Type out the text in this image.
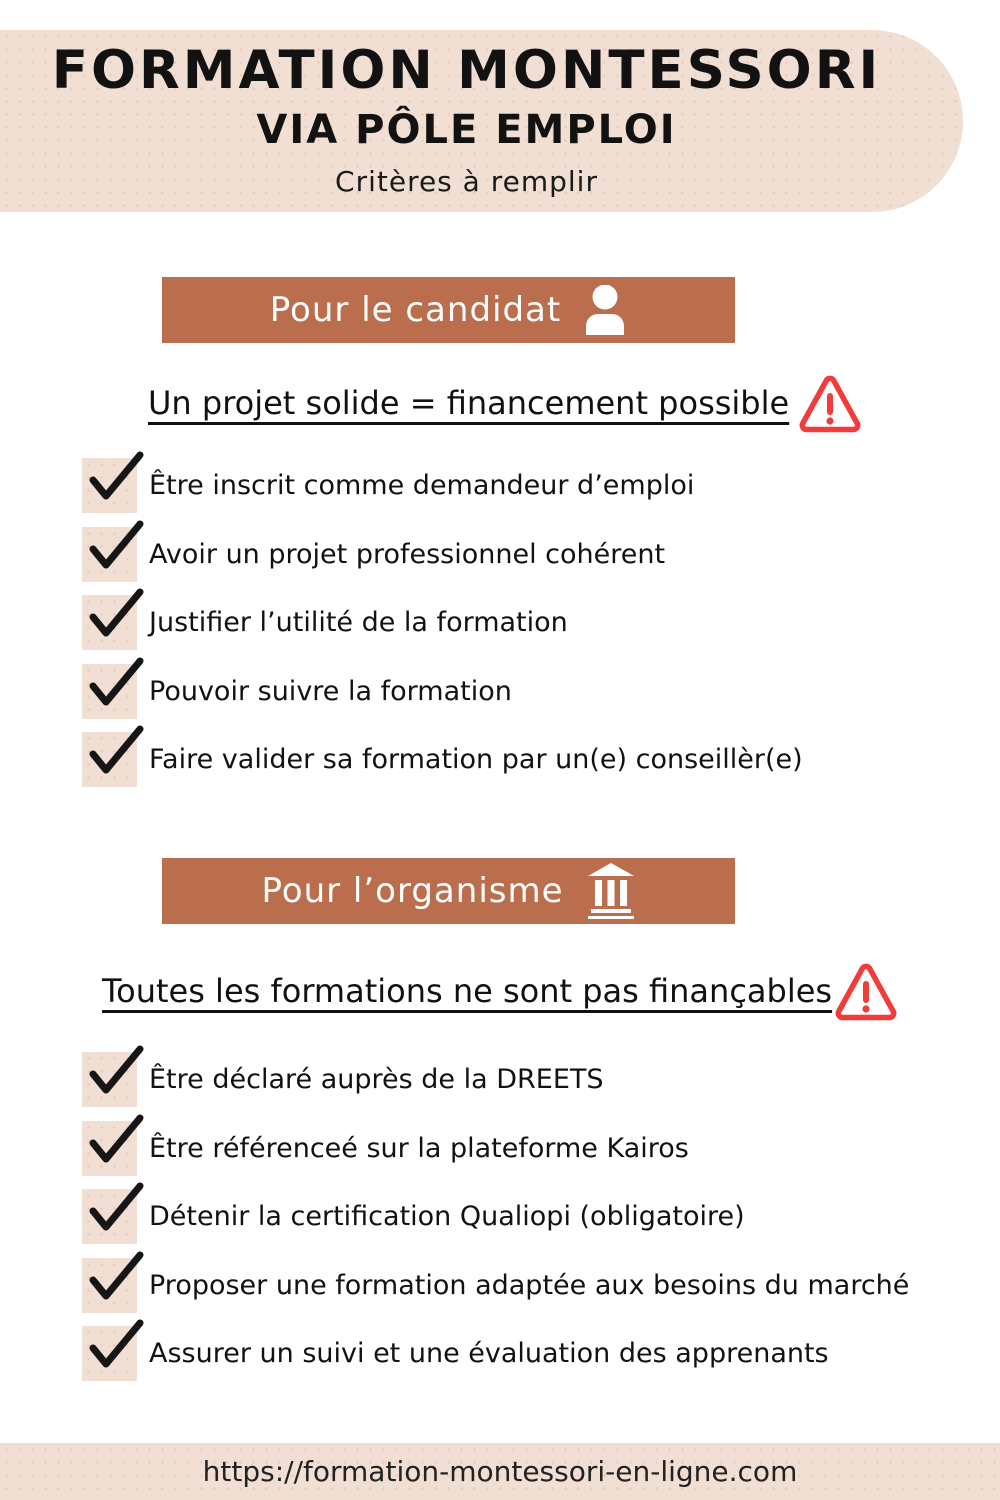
FORMATION MONTESSORI
VIA PÔLE EMPLOI
Critères à remplir
Pour le candidat
Un projet solide = financement possible
Être inscrit comme demandeur d’emploi
Avoir un projet professionnel cohérent
Justifier l’utilité de la formation
Pouvoir suivre la formation
Faire valider sa formation par un(e) conseillèr(e)
Pour l’organisme
Toutes les formations ne sont pas finançables
Être déclaré auprès de la DREETS
Être référenceé sur la plateforme Kairos
Détenir la certification Qualiopi (obligatoire)
Proposer une formation adaptée aux besoins du marché
Assurer un suivi et une évaluation des apprenants
https://formation-montessori-en-ligne.com
